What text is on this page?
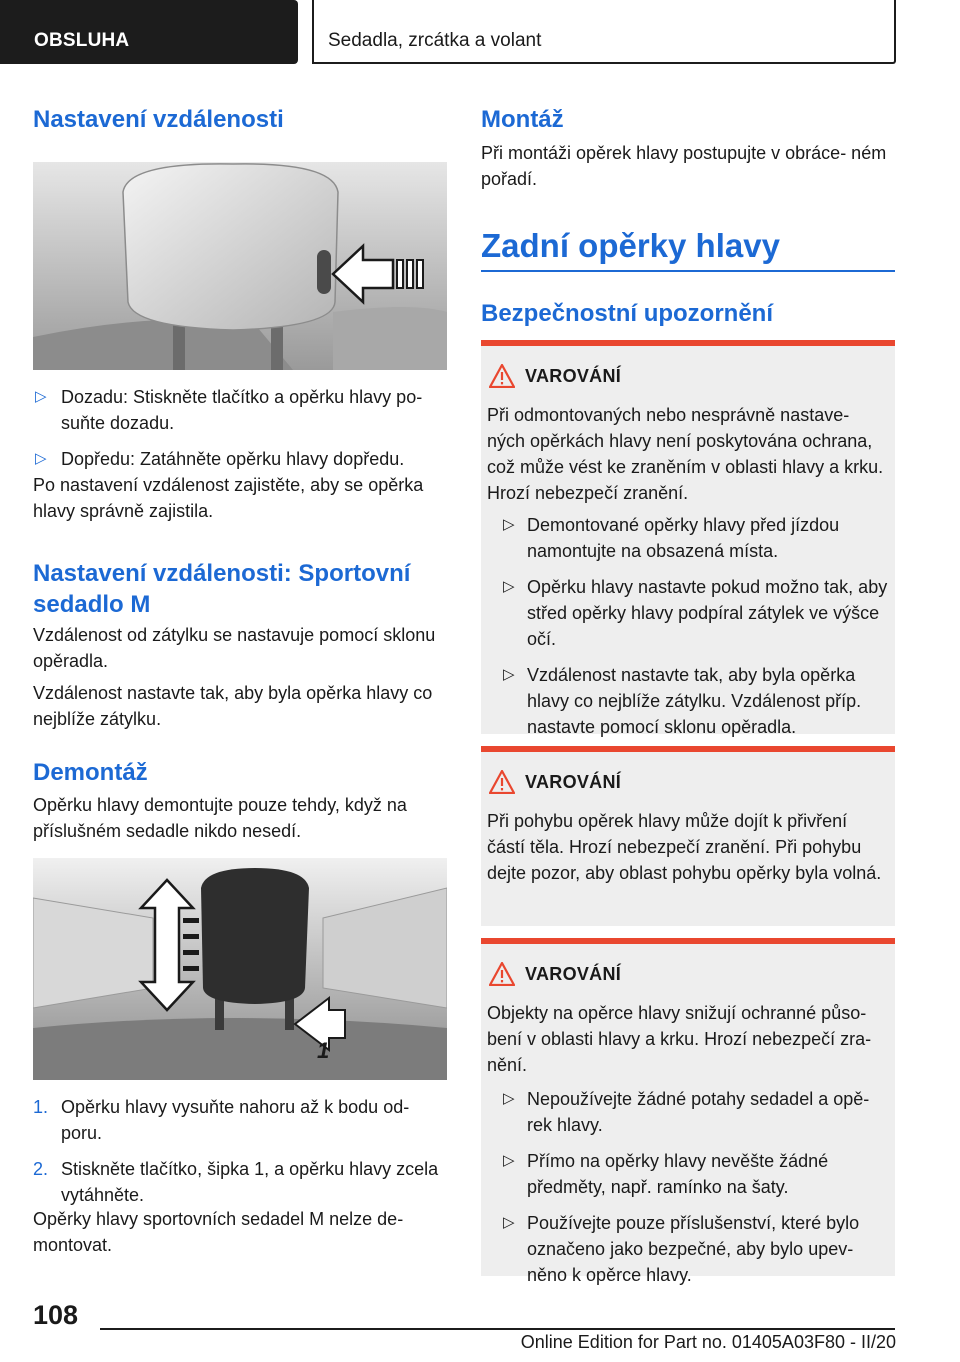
OBSLUHA	Sedadla, zrcátka a volant
Nastavení vzdálenosti
▷ Dozadu: Stiskněte tlačítko a opěrku hlavy po- suňte dozadu.
▷ Dopředu: Zatáhněte opěrku hlavy dopředu.

Po nastavení vzdálenost zajistěte, aby se opěrka hlavy správně zajistila.

Nastavení vzdálenosti: Sportovní sedadlo M

Vzdálenost od zátylku se nastavuje pomocí sklonu opěradla.

Vzdálenost nastavte tak, aby byla opěrka hlavy co nejblíže zátylku.

Demontáž

Opěrku hlavy demontujte pouze tehdy, když na příslušném sedadle nikdo nesedí.

1
1. Opěrku hlavy vysuňte nahoru až k bodu od- poru.
2. Stiskněte tlačítko, šipka 1, a opěrku hlavy zcela vytáhněte.

Opěrky hlavy sportovních sedadel M nelze de- montovat.

Montáž

Při montáži opěrek hlavy postupujte v obráce- ném pořadí.

Zadní opěrky hlavy
Bezpečnostní upozornění
VAROVÁNÍ

Při odmontovaných nebo nesprávně nastave- ných opěrkách hlavy není poskytována ochrana, což může vést ke zraněním v oblasti hlavy a krku. Hrozí nebezpečí zranění.

▷ Demontované opěrky hlavy před jízdou namontujte na obsazená místa.
▷ Opěrku hlavy nastavte pokud možno tak, aby střed opěrky hlavy podpíral zátylek ve výšce očí.
▷ Vzdálenost nastavte tak, aby byla opěrka hlavy co nejblíže zátylku. Vzdálenost příp. nastavte pomocí sklonu opěradla.
VAROVÁNÍ

Při pohybu opěrek hlavy může dojít k přivření částí těla. Hrozí nebezpečí zranění. Při pohybu dejte pozor, aby oblast pohybu opěrky byla volná.

VAROVÁNÍ

Objekty na opěrce hlavy snižují ochranné půso- bení v oblasti hlavy a krku. Hrozí nebezpečí zra- nění.

▷ Nepoužívejte žádné potahy sedadel a opě- rek hlavy.
▷ Přímo na opěrky hlavy nevěšte žádné předměty, např. ramínko na šaty.
▷ Používejte pouze příslušenství, které bylo označeno jako bezpečné, aby bylo upev- něno k opěrce hlavy.
108
Online Edition for Part no. 01405A03F80 - II/20
